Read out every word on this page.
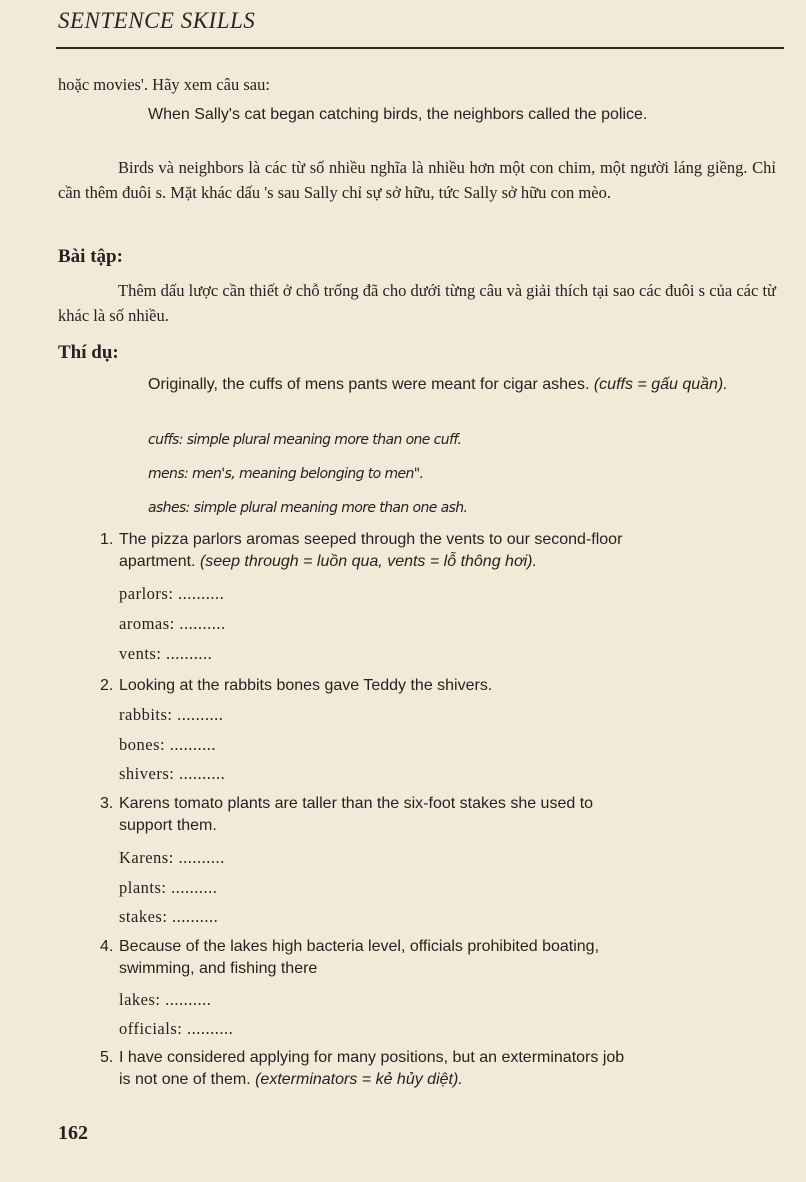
SENTENCE SKILLS
hoặc movies'. Hãy xem câu sau:
When Sally's cat began catching birds, the neighbors called the police.
Birds và neighbors là các từ số nhiều nghĩa là nhiều hơn một con chim, một người láng giềng. Chỉ cần thêm đuôi s. Mặt khác dấu 's sau Sally chỉ sự sở hữu, tức Sally sở hữu con mèo.
Bài tập:
Thêm dấu lược cần thiết ở chỗ trống đã cho dưới từng câu và giải thích tại sao các đuôi s của các từ khác là số nhiều.
Thí dụ:
Originally, the cuffs of mens pants were meant for cigar ashes. (cuffs = gấu quần).
cuffs: simple plural meaning more than one cuff.
mens: men's, meaning belonging to men".
ashes: simple plural meaning more than one ash.
1. The pizza parlors aromas seeped through the vents to our second-floor
apartment. (seep through = luồn qua, vents = lỗ thông hơi).
parlors: ..........
aromas: ..........
vents: ..........
2. Looking at the rabbits bones gave Teddy the shivers.
rabbits: ..........
bones: ..........
shivers: ..........
3. Karens tomato plants are taller than the six-foot stakes she used to
support them.
Karens: ..........
plants: ..........
stakes: ..........
4. Because of the lakes high bacteria level, officials prohibited boating,
swimming, and fishing there
lakes: ..........
officials: ..........
5. I have considered applying for many positions, but an exterminators job
is not one of them. (exterminators = kẻ hủy diệt).
162
